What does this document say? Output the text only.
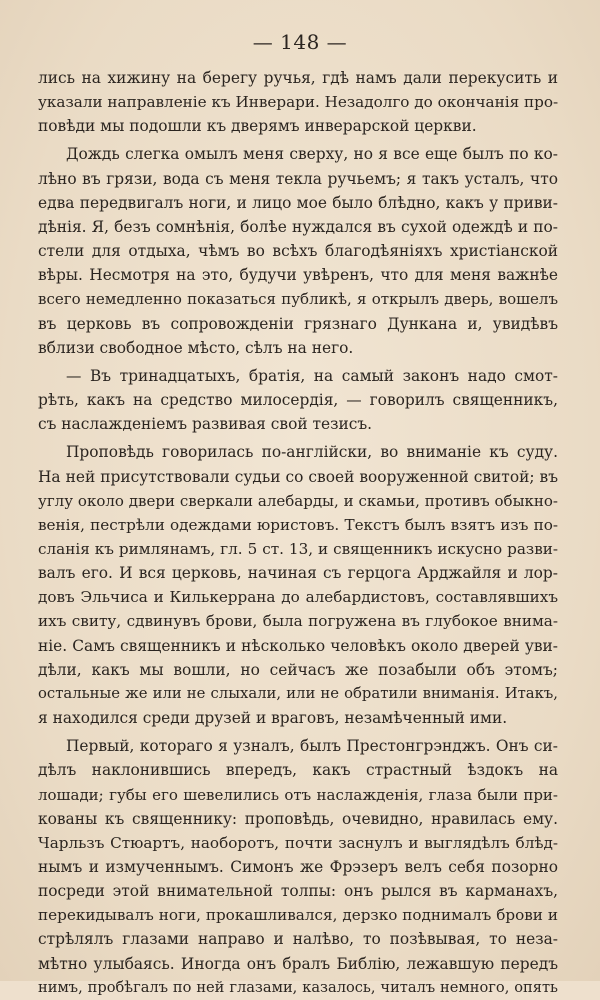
— 148 —
лись на хижину на берегу ручья, гдѣ намъ дали перекусить и
указали направленіе къ Инверари. Незадолго до окончанія про-
повѣди мы подошли къ дверямъ инверарской церкви.
Дождь слегка омылъ меня сверху, но я все еще былъ по ко-
лѣно въ грязи, вода съ меня текла ручьемъ; я такъ усталъ, что
едва передвигалъ ноги, и лицо мое было блѣдно, какъ у приви-
дѣнія. Я, безъ сомнѣнія, болѣе нуждался въ сухой одеждѣ и по-
стели для отдыха, чѣмъ во всѣхъ благодѣяніяхъ христіанской
вѣры. Несмотря на это, будучи увѣренъ, что для меня важнѣе
всего немедленно показаться публикѣ, я открылъ дверь, вошелъ
въ церковь въ сопровожденіи грязнаго Дункана и, увидѣвъ
вблизи свободное мѣсто, сѣлъ на него.
— Въ тринадцатыхъ, братія, на самый законъ надо смот-
рѣть, какъ на средство милосердія, — говорилъ священникъ,
съ наслажденіемъ развивая свой тезисъ.
Проповѣдь говорилась по-англійски, во вниманіе къ суду.
На ней присутствовали судьи со своей вооруженной свитой; въ
углу около двери сверкали алебарды, и скамьи, противъ обыкно-
венія, пестрѣли одеждами юристовъ. Текстъ былъ взятъ изъ по-
сланія къ римлянамъ, гл. 5 ст. 13, и священникъ искусно разви-
валъ его. И вся церковь, начиная съ герцога Арджайля и лор-
довъ Эльчиса и Килькеррана до алебардистовъ, составлявшихъ
ихъ свиту, сдвинувъ брови, была погружена въ глубокое внима-
ніе. Самъ священникъ и нѣсколько человѣкъ около дверей уви-
дѣли, какъ мы вошли, но сейчасъ же позабыли объ этомъ;
остальные же или не слыхали, или не обратили вниманія. Итакъ,
я находился среди друзей и враговъ, незамѣченный ими.
Первый, котораго я узналъ, былъ Престонгрэнджъ. Онъ си-
дѣлъ наклонившись впередъ, какъ страстный ѣздокъ на
лошади; губы его шевелились отъ наслажденія, глаза были при-
кованы къ священнику: проповѣдь, очевидно, нравилась ему.
Чарльзъ Стюартъ, наоборотъ, почти заснулъ и выглядѣлъ блѣд-
нымъ и измученнымъ. Симонъ же Фрэзеръ велъ себя позорно
посреди этой внимательной толпы: онъ рылся въ карманахъ,
перекидывалъ ноги, прокашливался, дерзко поднималъ брови и
стрѣлялъ глазами направо и налѣво, то позѣвывая, то неза-
мѣтно улыбаясь. Иногда онъ бралъ Библію, лежавшую передъ
нимъ, пробѣгалъ по ней глазами, казалось, читалъ немного, опять
